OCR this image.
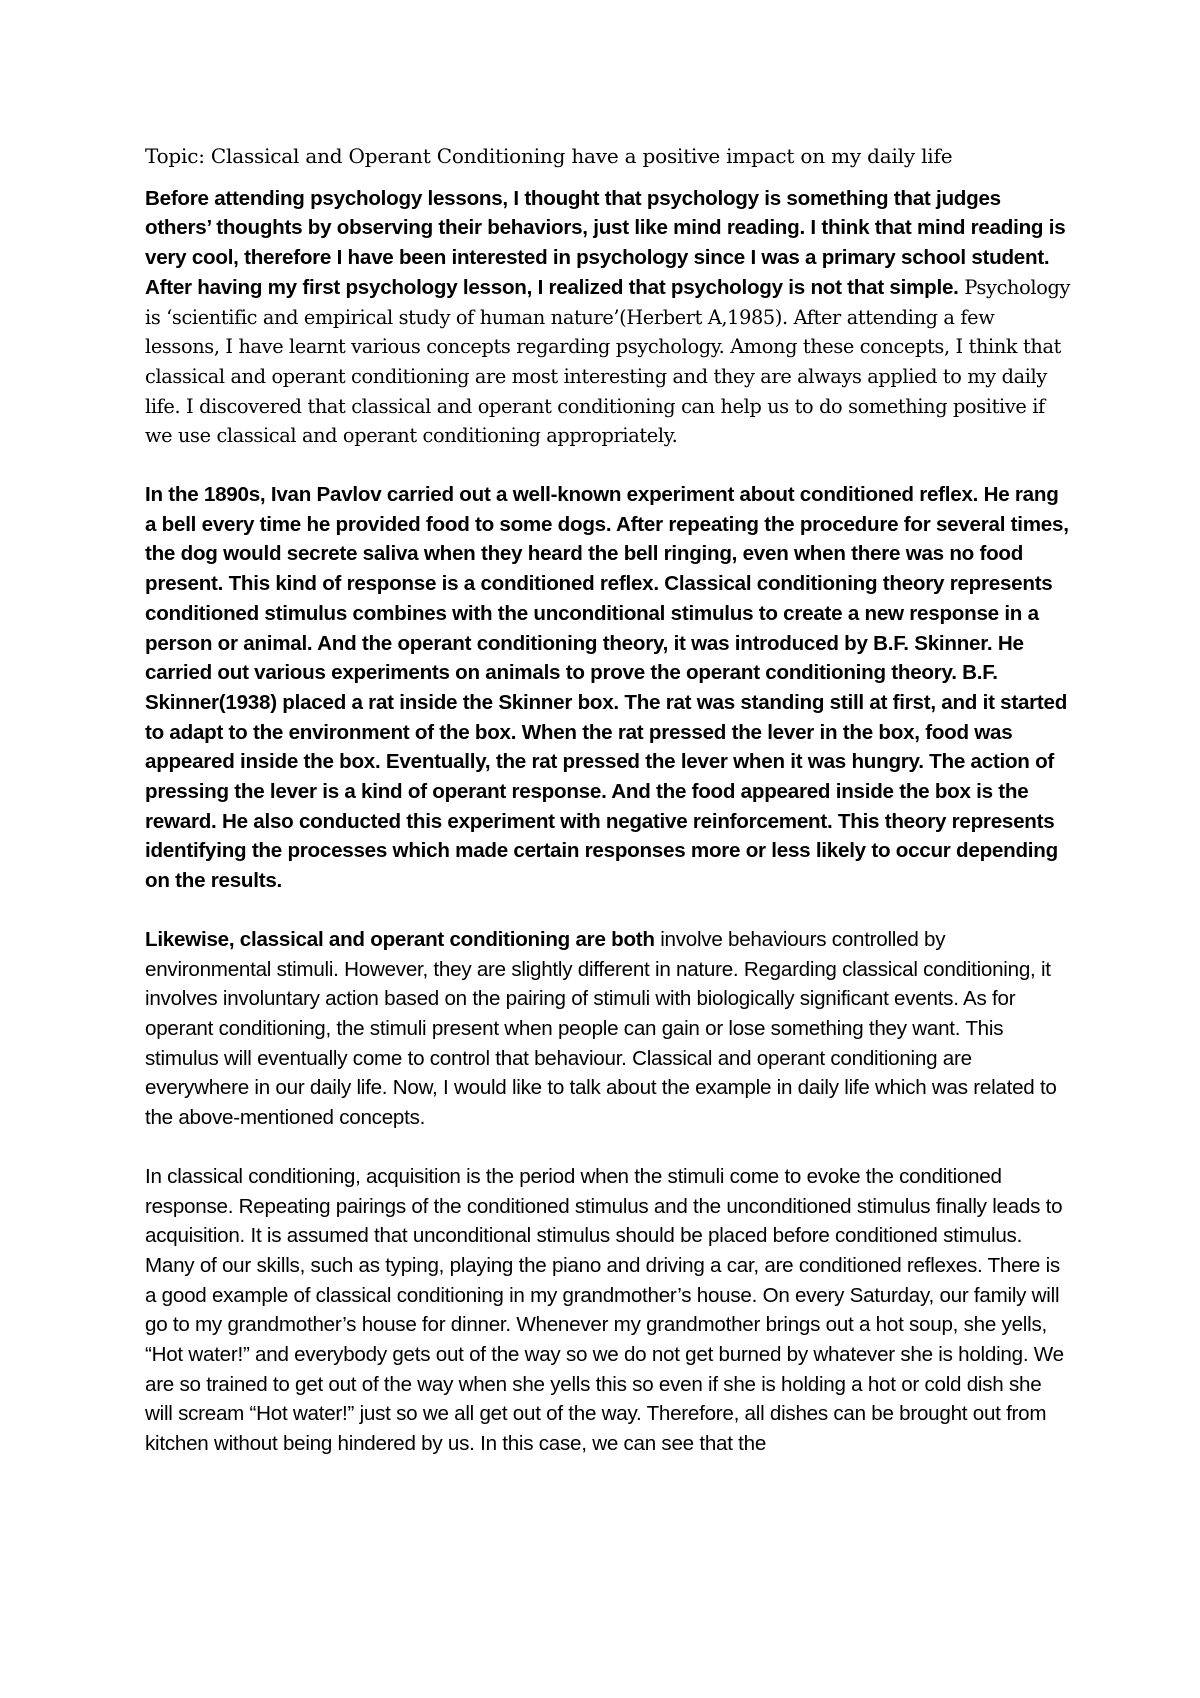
Topic: Classical and Operant Conditioning have a positive impact on my daily life

Before attending psychology lessons, I thought that psychology is something that judges others’ thoughts by observing their behaviors, just like mind reading. I think that mind reading is very cool, therefore I have been interested in psychology since I was a primary school student. After having my first psychology lesson, I realized that psychology is not that simple. Psychology is ‘scientific and empirical study of human nature’(Herbert A,1985). After attending a few lessons, I have learnt various concepts regarding psychology. Among these concepts, I think that classical and operant conditioning are most interesting and they are always applied to my daily life. I discovered that classical and operant conditioning can help us to do something positive if we use classical and operant conditioning appropriately.

In the 1890s, Ivan Pavlov carried out a well-known experiment about conditioned reflex. He rang a bell every time he provided food to some dogs. After repeating the procedure for several times, the dog would secrete saliva when they heard the bell ringing, even when there was no food present. This kind of response is a conditioned reflex. Classical conditioning theory represents conditioned stimulus combines with the unconditional stimulus to create a new response in a person or animal. And the operant conditioning theory, it was introduced by B.F. Skinner. He carried out various experiments on animals to prove the operant conditioning theory. B.F. Skinner(1938) placed a rat inside the Skinner box. The rat was standing still at first, and it started to adapt to the environment of the box. When the rat pressed the lever in the box, food was appeared inside the box. Eventually, the rat pressed the lever when it was hungry. The action of pressing the lever is a kind of operant response. And the food appeared inside the box is the reward. He also conducted this experiment with negative reinforcement. This theory represents identifying the processes which made certain responses more or less likely to occur depending on the results.

Likewise, classical and operant conditioning are both involve behaviours controlled by environmental stimuli. However, they are slightly different in nature. Regarding classical conditioning, it involves involuntary action based on the pairing of stimuli with biologically significant events. As for operant conditioning, the stimuli present when people can gain or lose something they want. This stimulus will eventually come to control that behaviour. Classical and operant conditioning are everywhere in our daily life. Now, I would like to talk about the example in daily life which was related to the above-mentioned concepts.

In classical conditioning, acquisition is the period when the stimuli come to evoke the conditioned response. Repeating pairings of the conditioned stimulus and the unconditioned stimulus finally leads to acquisition. It is assumed that unconditional stimulus should be placed before conditioned stimulus. Many of our skills, such as typing, playing the piano and driving a car, are conditioned reflexes. There is a good example of classical conditioning in my grandmother’s house. On every Saturday, our family will go to my grandmother’s house for dinner. Whenever my grandmother brings out a hot soup, she yells, “Hot water!” and everybody gets out of the way so we do not get burned by whatever she is holding. We are so trained to get out of the way when she yells this so even if she is holding a hot or cold dish she will scream “Hot water!” just so we all get out of the way. Therefore, all dishes can be brought out from kitchen without being hindered by us. In this case, we can see that the
